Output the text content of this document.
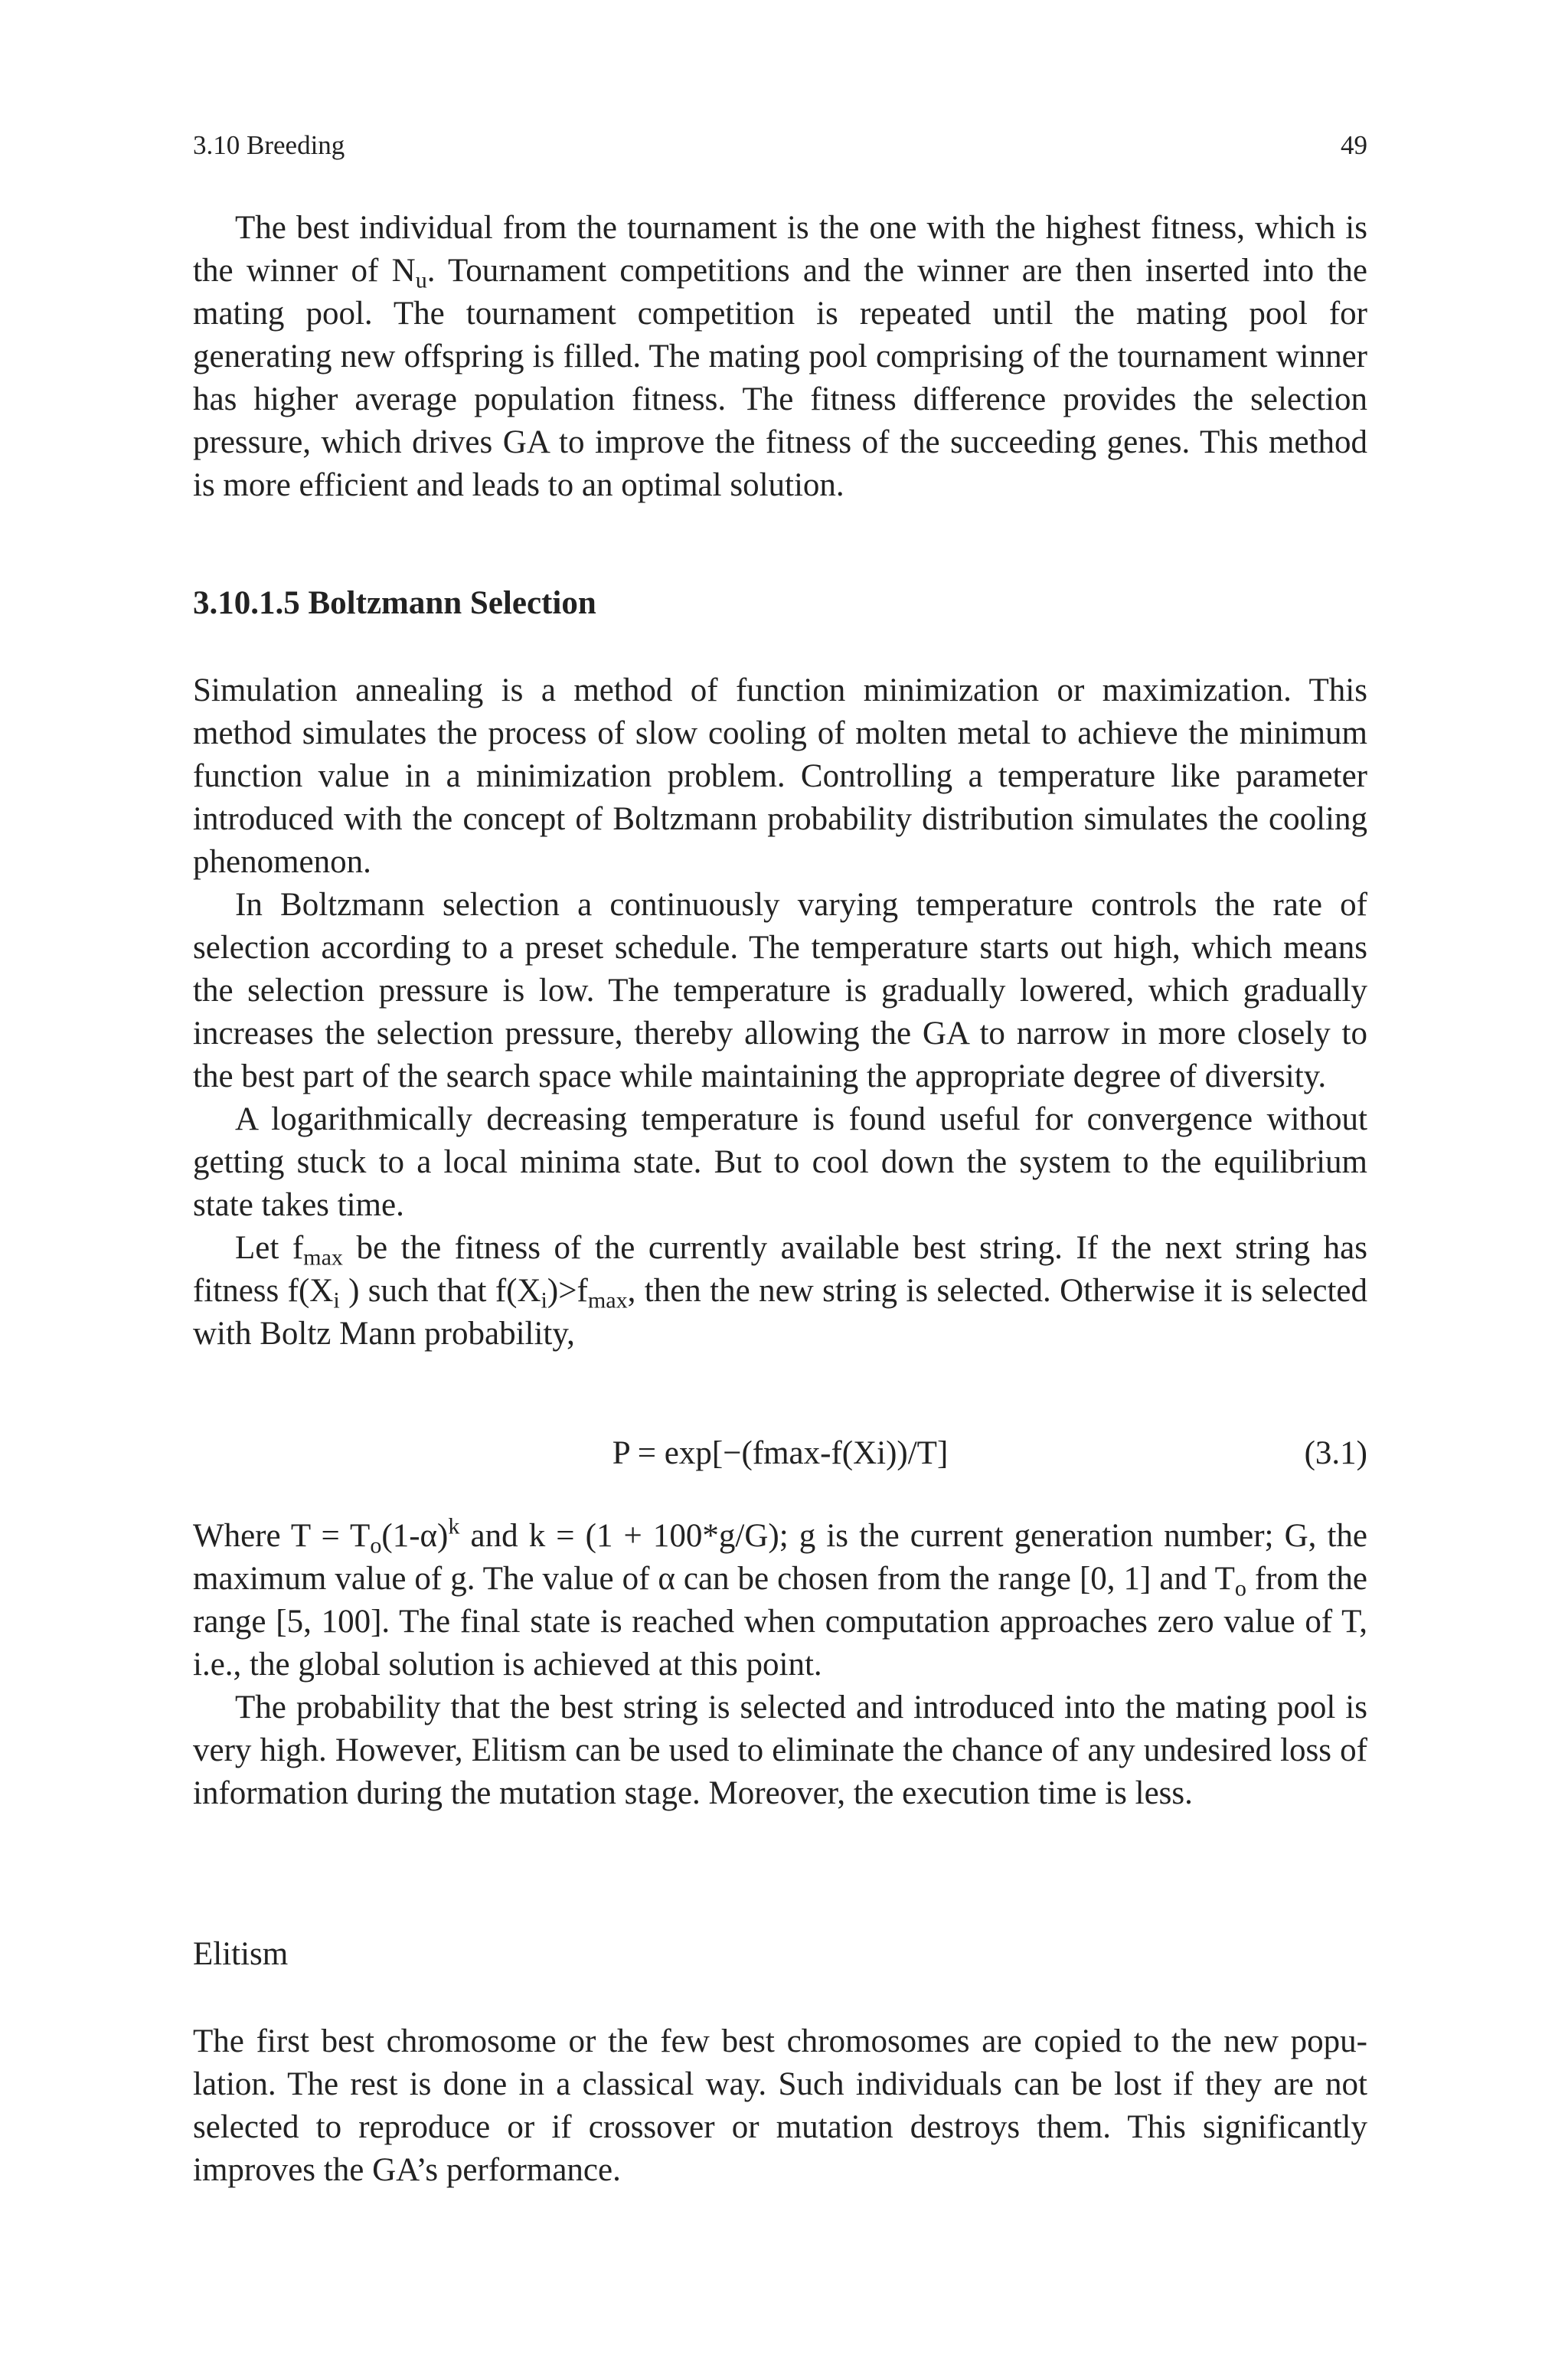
3.10 Breeding	49

The best individual from the tournament is the one with the highest fitness, which is the winner of $N_u$. Tournament competitions and the winner are then inserted into the mating pool. The tournament competition is repeated until the mating pool for generating new offspring is filled. The mating pool comprising of the tournament winner has higher average population fitness. The fitness difference provides the selection pressure, which drives GA to improve the fitness of the succeeding genes. This method is more efficient and leads to an optimal solution.

3.10.1.5 Boltzmann Selection

Simulation annealing is a method of function minimization or maximization. This method simulates the process of slow cooling of molten metal to achieve the minimum function value in a minimization problem. Controlling a temperature like parameter introduced with the concept of Boltzmann probability distribution simulates the cooling phenomenon.

In Boltzmann selection a continuously varying temperature controls the rate of selection according to a preset schedule. The temperature starts out high, which means the selection pressure is low. The temperature is gradually lowered, which gradually increases the selection pressure, thereby allowing the GA to narrow in more closely to the best part of the search space while maintaining the appropriate degree of diversity.

A logarithmically decreasing temperature is found useful for convergence without getting stuck to a local minima state. But to cool down the system to the equilibrium state takes time.

Let $f_{max}$ be the fitness of the currently available best string. If the next string has fitness $f(X_i$ ) such that $f(X_i)>f_{max}$, then the new string is selected. Otherwise it is selected with Boltz Mann probability,

P = exp[−(fmax-f(Xi))/T]	(3.1)

Where $T = T_o(1-\alpha)^k$ and k = (1 + 100*g/G); g is the current generation number; G, the maximum value of g. The value of α can be chosen from the range [0, 1] and $T_o$ from the range [5, 100]. The final state is reached when computation approaches zero value of T, i.e., the global solution is achieved at this point.

The probability that the best string is selected and introduced into the mating pool is very high. However, Elitism can be used to eliminate the chance of any undesired loss of information during the mutation stage. Moreover, the execution time is less.

Elitism

The first best chromosome or the few best chromosomes are copied to the new population. The rest is done in a classical way. Such individuals can be lost if they are not selected to reproduce or if crossover or mutation destroys them. This significantly improves the GA’s performance.
